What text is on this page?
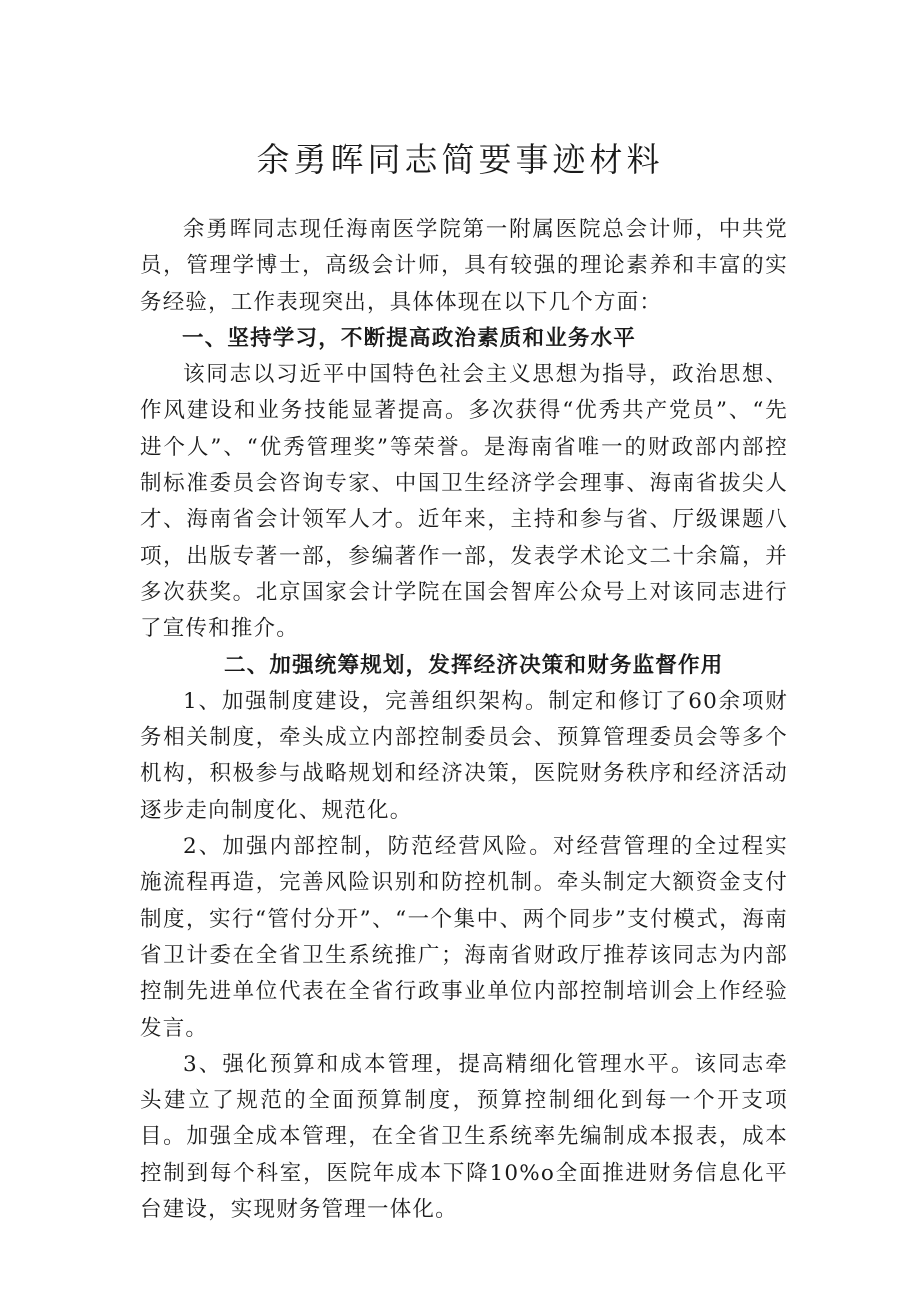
余勇晖同志简要事迹材料

余勇晖同志现任海南医学院第一附属医院总会计师，中共党员，管理学博士，高级会计师，具有较强的理论素养和丰富的实务经验，工作表现突出，具体体现在以下几个方面：

一、坚持学习，不断提高政治素质和业务水平

该同志以习近平中国特色社会主义思想为指导，政治思想、作风建设和业务技能显著提高。多次获得“优秀共产党员”、“先进个人”、“优秀管理奖”等荣誉。是海南省唯一的财政部内部控制标准委员会咨询专家、中国卫生经济学会理事、海南省拔尖人才、海南省会计领军人才。近年来，主持和参与省、厅级课题八项，出版专著一部，参编著作一部，发表学术论文二十余篇，并多次获奖。北京国家会计学院在国会智库公众号上对该同志进行了宣传和推介。

二、加强统筹规划，发挥经济决策和财务监督作用

1、加强制度建设，完善组织架构。制定和修订了60余项财务相关制度，牵头成立内部控制委员会、预算管理委员会等多个机构，积极参与战略规划和经济决策，医院财务秩序和经济活动逐步走向制度化、规范化。

2、加强内部控制，防范经营风险。对经营管理的全过程实施流程再造，完善风险识别和防控机制。牵头制定大额资金支付制度，实行“管付分开”、“一个集中、两个同步”支付模式，海南省卫计委在全省卫生系统推广；海南省财政厅推荐该同志为内部控制先进单位代表在全省行政事业单位内部控制培训会上作经验发言。

3、强化预算和成本管理，提高精细化管理水平。该同志牵头建立了规范的全面预算制度，预算控制细化到每一个开支项目。加强全成本管理，在全省卫生系统率先编制成本报表，成本控制到每个科室，医院年成本下降10%o全面推进财务信息化平台建设，实现财务管理一体化。
